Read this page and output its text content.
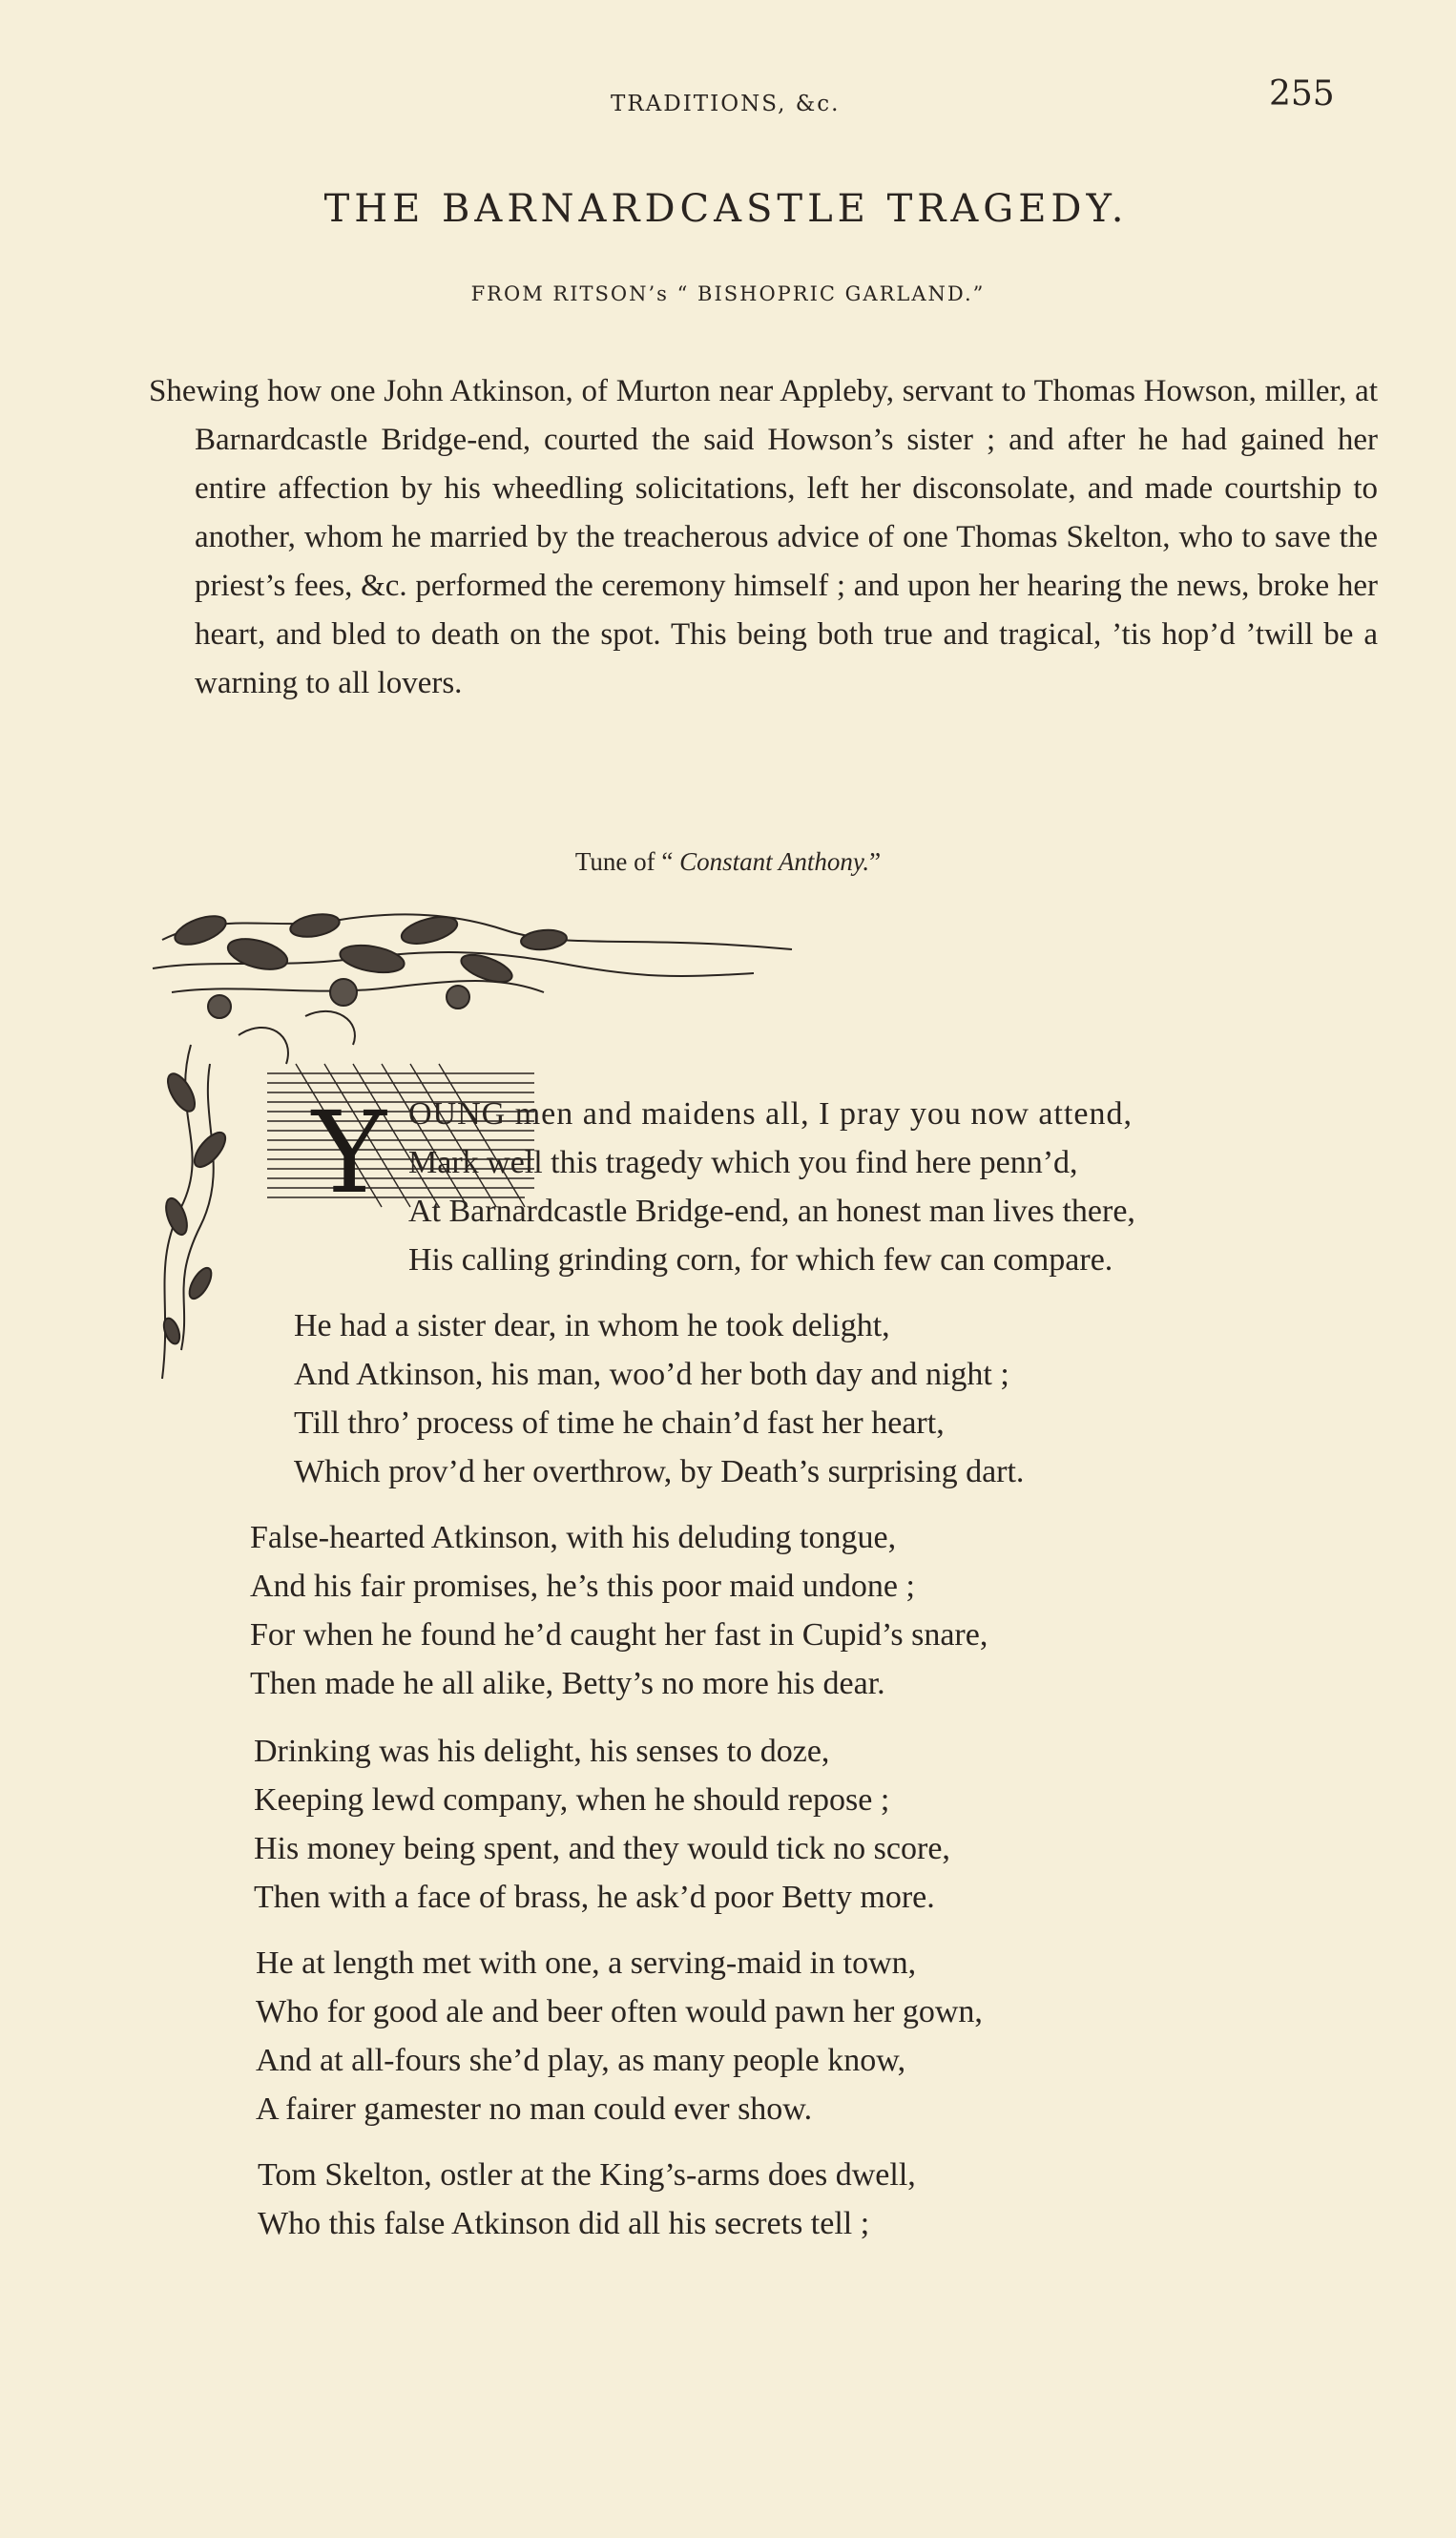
TRADITIONS, &c.	255
THE BARNARDCASTLE TRAGEDY.
FROM RITSON’s “ BISHOPRIC GARLAND.”
Shewing how one John Atkinson, of Murton near Appleby, servant to Thomas Howson, miller, at Barnardcastle Bridge-end, courted the said Howson’s sister ; and after he had gained her entire affection by his wheedling solicitations, left her disconsolate, and made courtship to another, whom he married by the treacherous advice of one Thomas Skelton, who to save the priest’s fees, &c. performed the ceremony himself ; and upon her hearing the news, broke her heart, and bled to death on the spot. This being both true and tragical, ’tis hop’d ’twill be a warning to all lovers.
Tune of “ Constant Anthony.”
Y OUNG men and maidens all, I pray you now attend,
Mark well this tragedy which you find here penn’d,
At Barnardcastle Bridge-end, an honest man lives there,
His calling grinding corn, for which few can compare.
He had a sister dear, in whom he took delight,
And Atkinson, his man, woo’d her both day and night ;
Till thro’ process of time he chain’d fast her heart,
Which prov’d her overthrow, by Death’s surprising dart.
False-hearted Atkinson, with his deluding tongue,
And his fair promises, he’s this poor maid undone ;
For when he found he’d caught her fast in Cupid’s snare,
Then made he all alike, Betty’s no more his dear.
Drinking was his delight, his senses to doze,
Keeping lewd company, when he should repose ;
His money being spent, and they would tick no score,
Then with a face of brass, he ask’d poor Betty more.
He at length met with one, a serving-maid in town,
Who for good ale and beer often would pawn her gown,
And at all-fours she’d play, as many people know,
A fairer gamester no man could ever show.
Tom Skelton, ostler at the King’s-arms does dwell,
Who this false Atkinson did all his secrets tell ;
